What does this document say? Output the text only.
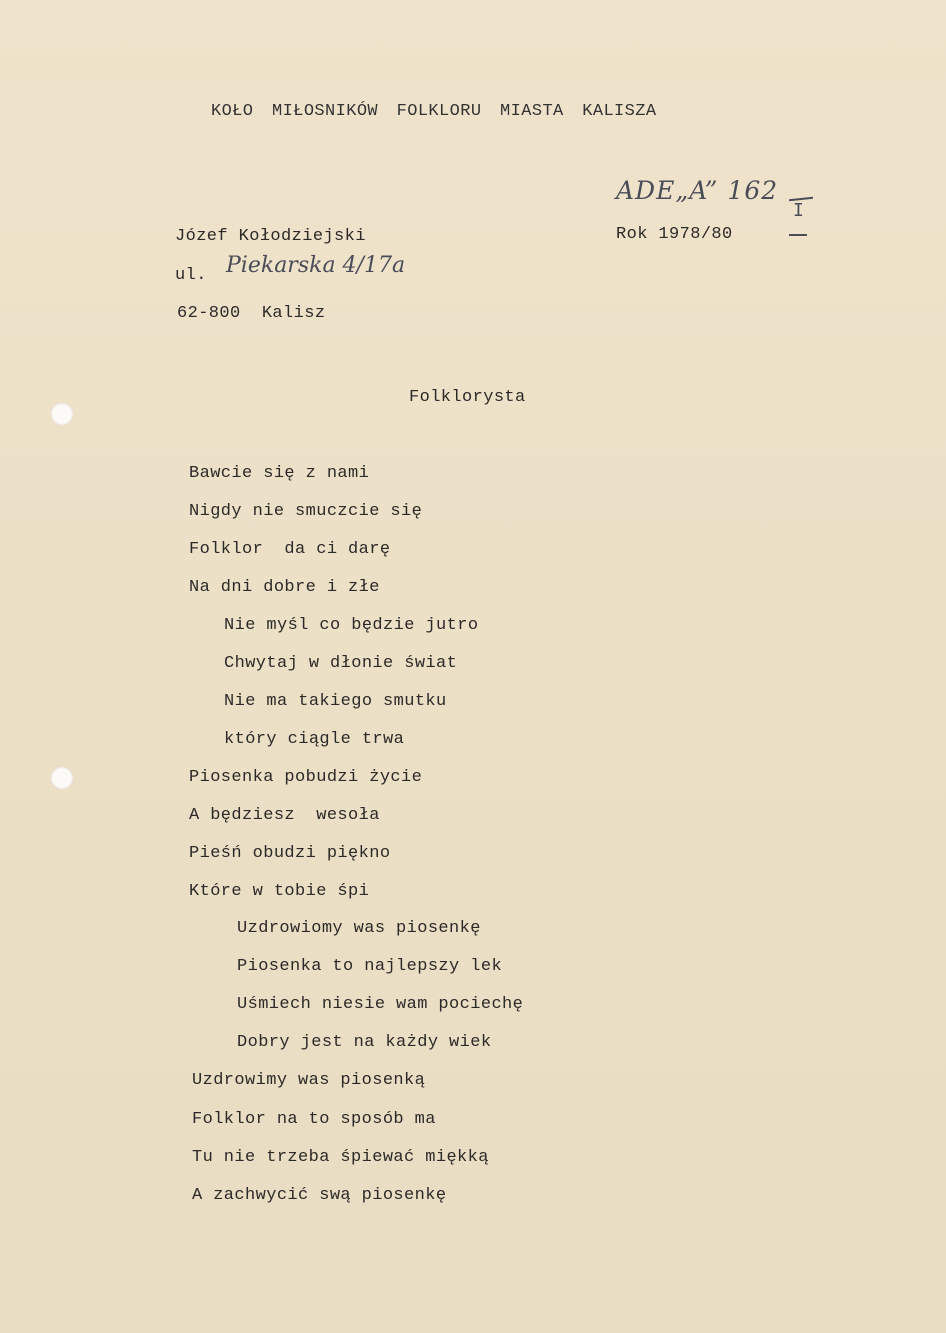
KOŁO MIŁOSNIKÓW FOLKLORU MIASTA KALISZA
ADE„A” 162
I
Rok 1978/80
Józef Kołodziejski
ul. Piekarska 4/17a
62-800  Kalisz
Folklorysta
Bawcie się z nami
Nigdy nie smuczcie się
Folklor  da ci darę
Na dni dobre i złe
Nie myśl co będzie jutro
Chwytaj w dłonie świat
Nie ma takiego smutku
który ciągle trwa
Piosenka pobudzi życie
A będziesz  wesoła
Pieśń obudzi piękno
Które w tobie śpi
Uzdrowiomy was piosenkę
Piosenka to najlepszy lek
Uśmiech niesie wam pociechę
Dobry jest na każdy wiek
Uzdrowimy was piosenką
Folklor na to sposób ma
Tu nie trzeba śpiewać miękką
A zachwycić swą piosenkę
